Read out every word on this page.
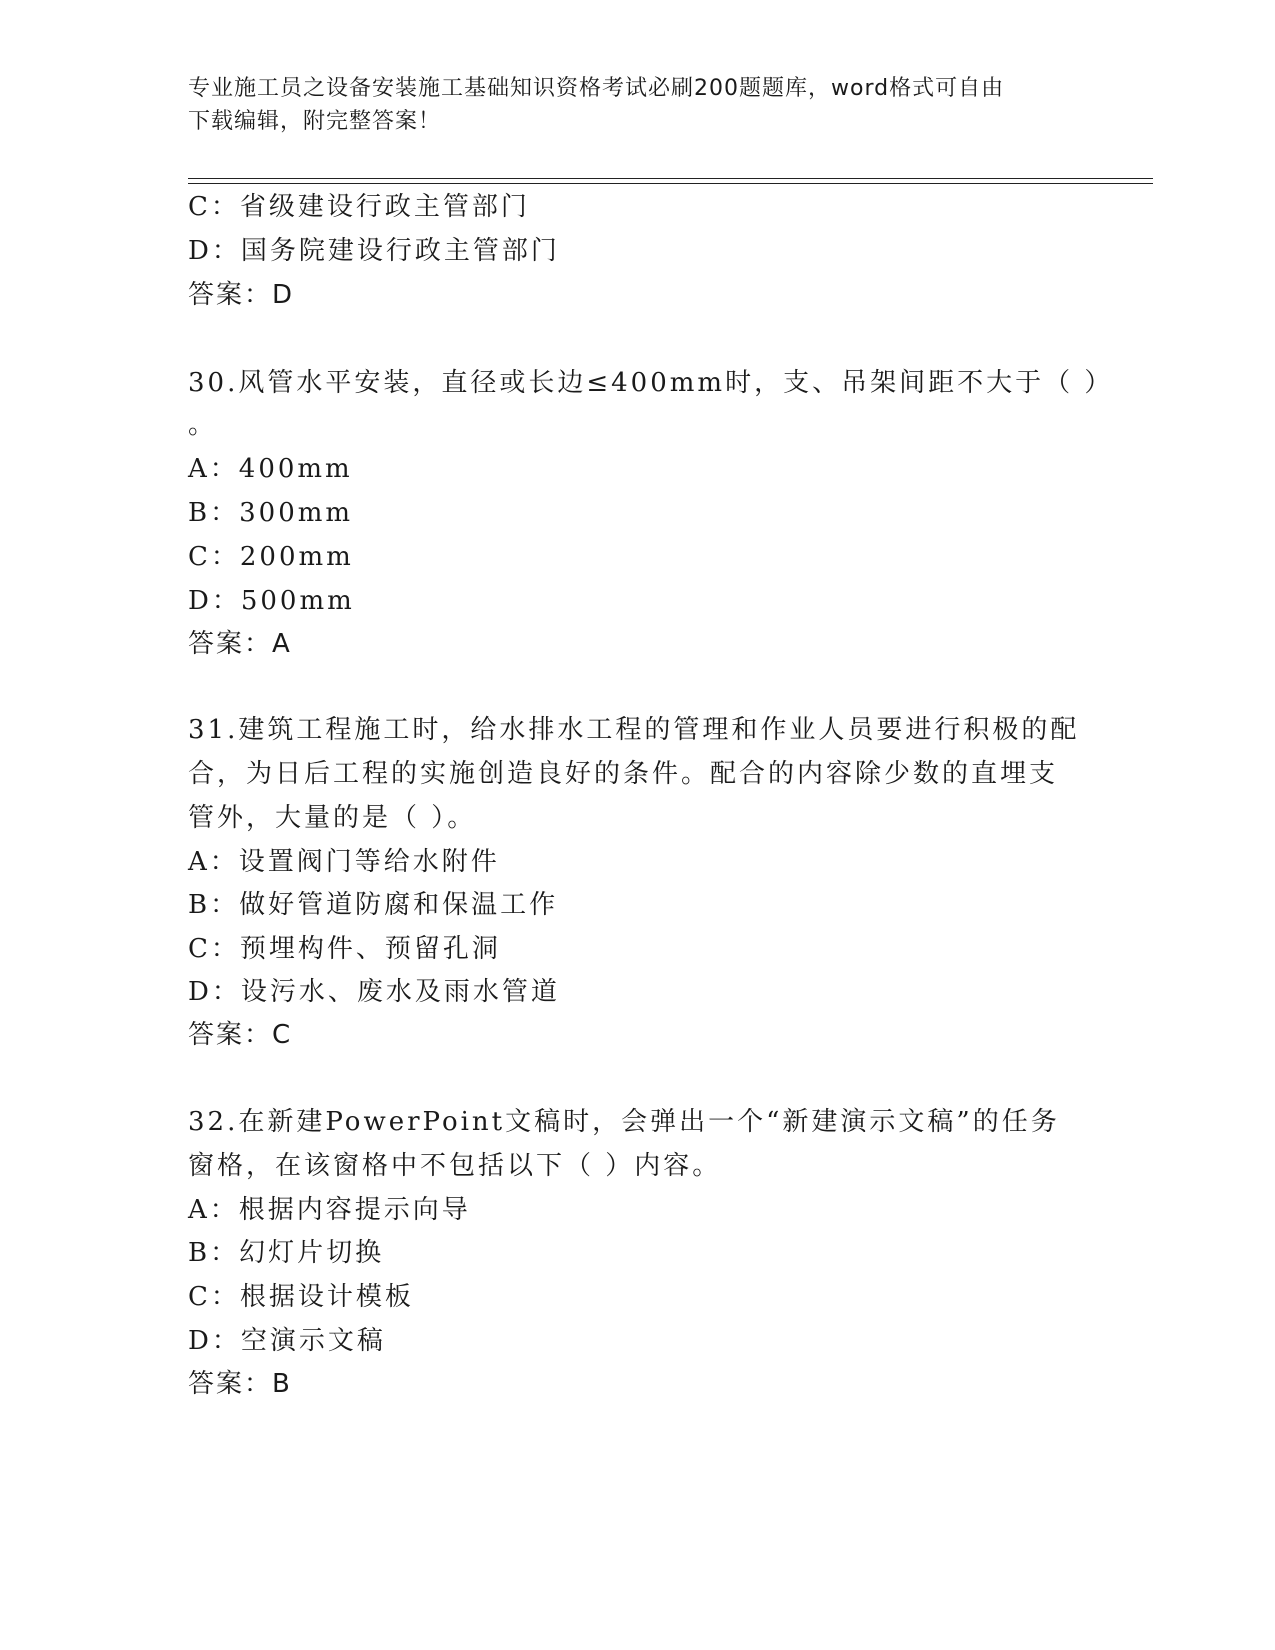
专业施工员之设备安装施工基础知识资格考试必刷200题题库，word格式可自由
下载编辑，附完整答案！
C：省级建设行政主管部门
D：国务院建设行政主管部门
答案：D
30.风管水平安装，直径或长边≤400mm时，支、吊架间距不大于（ ）
。
A：400mm
B：300mm
C：200mm
D：500mm
答案：A
31.建筑工程施工时，给水排水工程的管理和作业人员要进行积极的配
合，为日后工程的实施创造良好的条件。配合的内容除少数的直埋支
管外，大量的是（ ）。
A：设置阀门等给水附件
B：做好管道防腐和保温工作
C：预埋构件、预留孔洞
D：设污水、废水及雨水管道
答案：C
32.在新建PowerPoint文稿时，会弹出一个“新建演示文稿”的任务
窗格，在该窗格中不包括以下（ ）内容。
A：根据内容提示向导
B：幻灯片切换
C：根据设计模板
D：空演示文稿
答案：B
